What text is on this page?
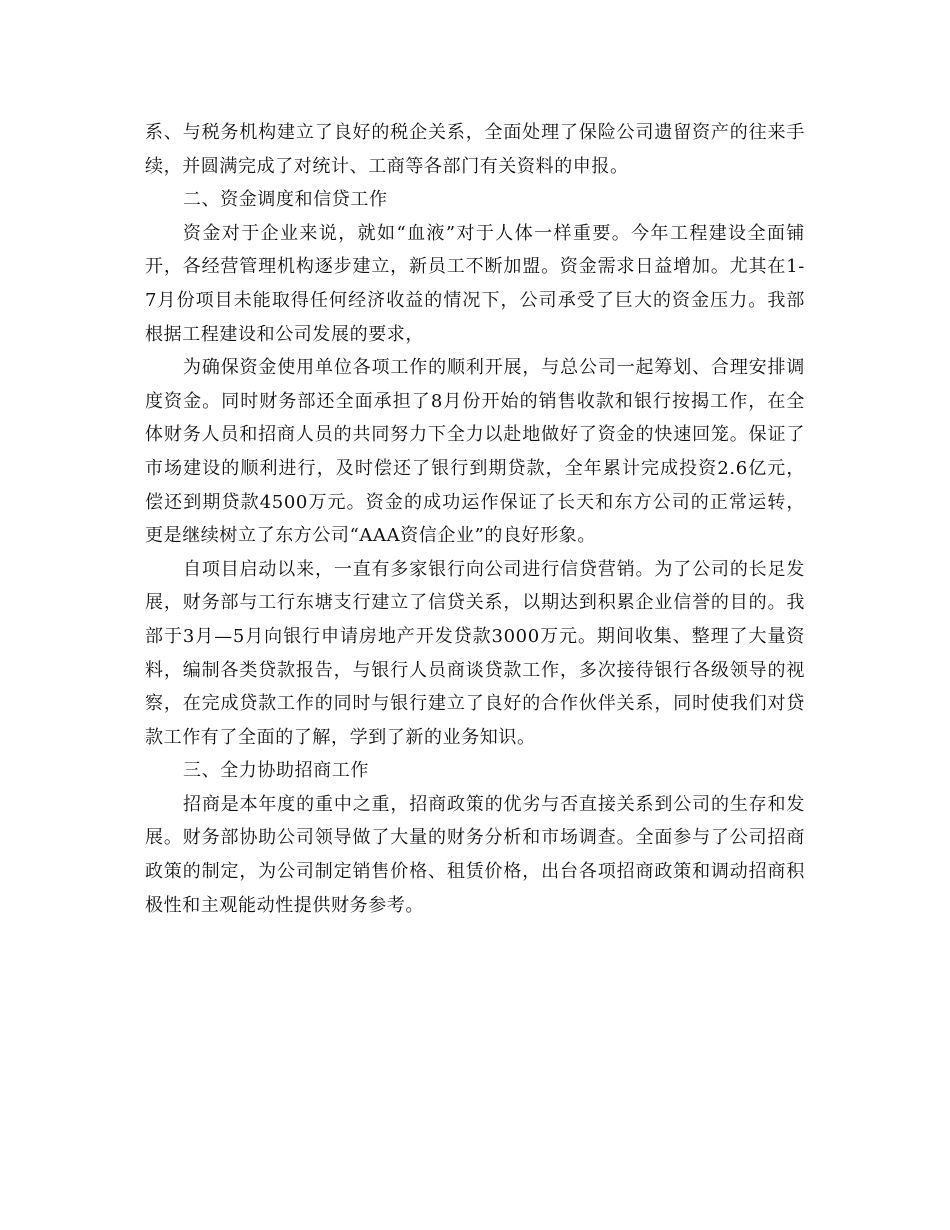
系、与税务机构建立了良好的税企关系，全面处理了保险公司遗留资产的往来手续，并圆满完成了对统计、工商等各部门有关资料的申报。

二、资金调度和信贷工作

资金对于企业来说，就如“血液”对于人体一样重要。今年工程建设全面铺开，各经营管理机构逐步建立，新员工不断加盟。资金需求日益增加。尤其在1-7月份项目未能取得任何经济收益的情况下，公司承受了巨大的资金压力。我部根据工程建设和公司发展的要求，

为确保资金使用单位各项工作的顺利开展，与总公司一起筹划、合理安排调度资金。同时财务部还全面承担了8月份开始的销售收款和银行按揭工作，在全体财务人员和招商人员的共同努力下全力以赴地做好了资金的快速回笼。保证了市场建设的顺利进行，及时偿还了银行到期贷款，全年累计完成投资2.6亿元，偿还到期贷款4500万元。资金的成功运作保证了长天和东方公司的正常运转，更是继续树立了东方公司“AAA资信企业”的良好形象。

自项目启动以来，一直有多家银行向公司进行信贷营销。为了公司的长足发展，财务部与工行东塘支行建立了信贷关系，以期达到积累企业信誉的目的。我部于3月—5月向银行申请房地产开发贷款3000万元。期间收集、整理了大量资料，编制各类贷款报告，与银行人员商谈贷款工作，多次接待银行各级领导的视察，在完成贷款工作的同时与银行建立了良好的合作伙伴关系，同时使我们对贷款工作有了全面的了解，学到了新的业务知识。

三、全力协助招商工作

招商是本年度的重中之重，招商政策的优劣与否直接关系到公司的生存和发展。财务部协助公司领导做了大量的财务分析和市场调查。全面参与了公司招商政策的制定，为公司制定销售价格、租赁价格，出台各项招商政策和调动招商积极性和主观能动性提供财务参考。
